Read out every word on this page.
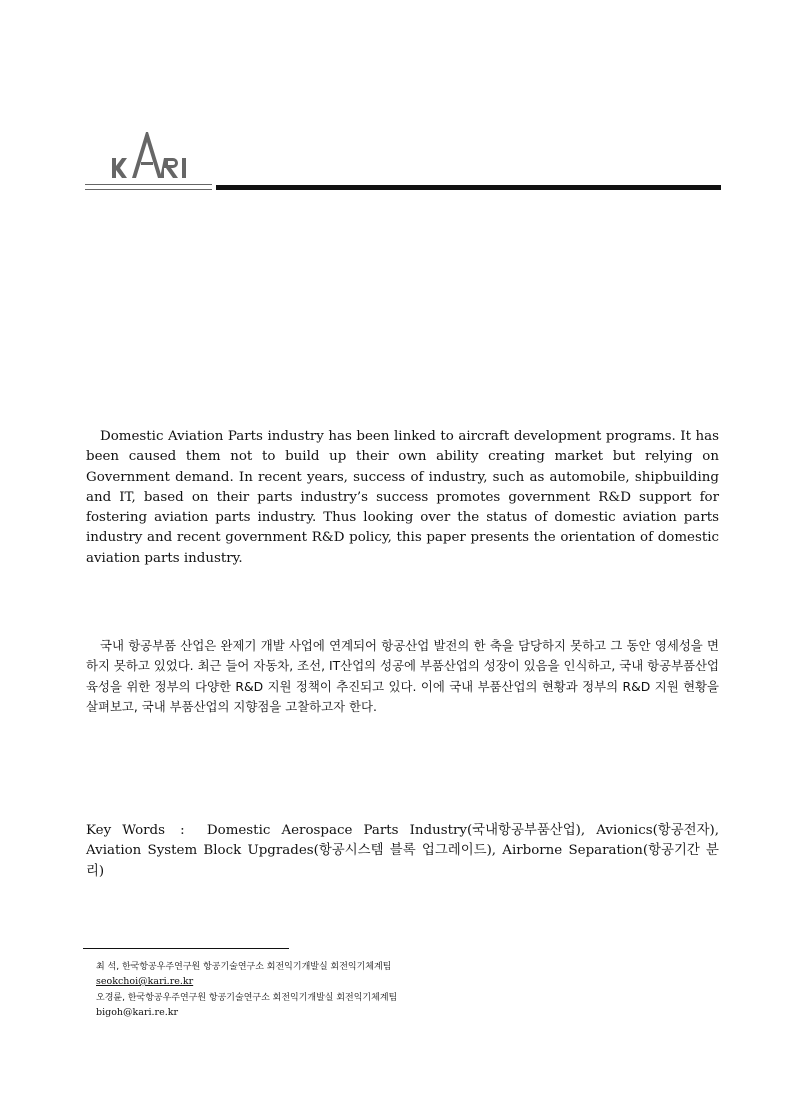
Domestic Aviation Parts industry has been linked to aircraft development programs. It has been caused them not to build up their own ability creating market but relying on Government demand. In recent years, success of industry, such as automobile, shipbuilding and IT, based on their parts industry’s success promotes government R&D support for fostering aviation parts industry. Thus looking over the status of domestic aviation parts industry and recent government R&D policy, this paper presents the orientation of domestic aviation parts industry.
국내 항공부품 산업은 완제기 개발 사업에 연계되어 항공산업 발전의 한 축을 담당하지 못하고 그 동안 영세성을 면하지 못하고 있었다. 최근 들어 자동차, 조선, IT산업의 성공에 부품산업의 성장이 있음을 인식하고, 국내 항공부품산업 육성을 위한 정부의 다양한 R&D 지원 정책이 추진되고 있다. 이에 국내 부품산업의 현황과 정부의 R&D 지원 현황을 살펴보고, 국내 부품산업의 지향점을 고찰하고자 한다.
Key Words : Domestic Aerospace Parts Industry(국내항공부품산업), Avionics(항공전자), Aviation System Block Upgrades(항공시스템 블록 업그레이드), Airborne Separation(항공기간 분리)
최 석, 한국항공우주연구원 항공기술연구소 회전익기개발실 회전익기체계팀
seokchoi@kari.re.kr
오경륜, 한국항공우주연구원 항공기술연구소 회전익기개발실 회전익기체계팀
bigoh@kari.re.kr
